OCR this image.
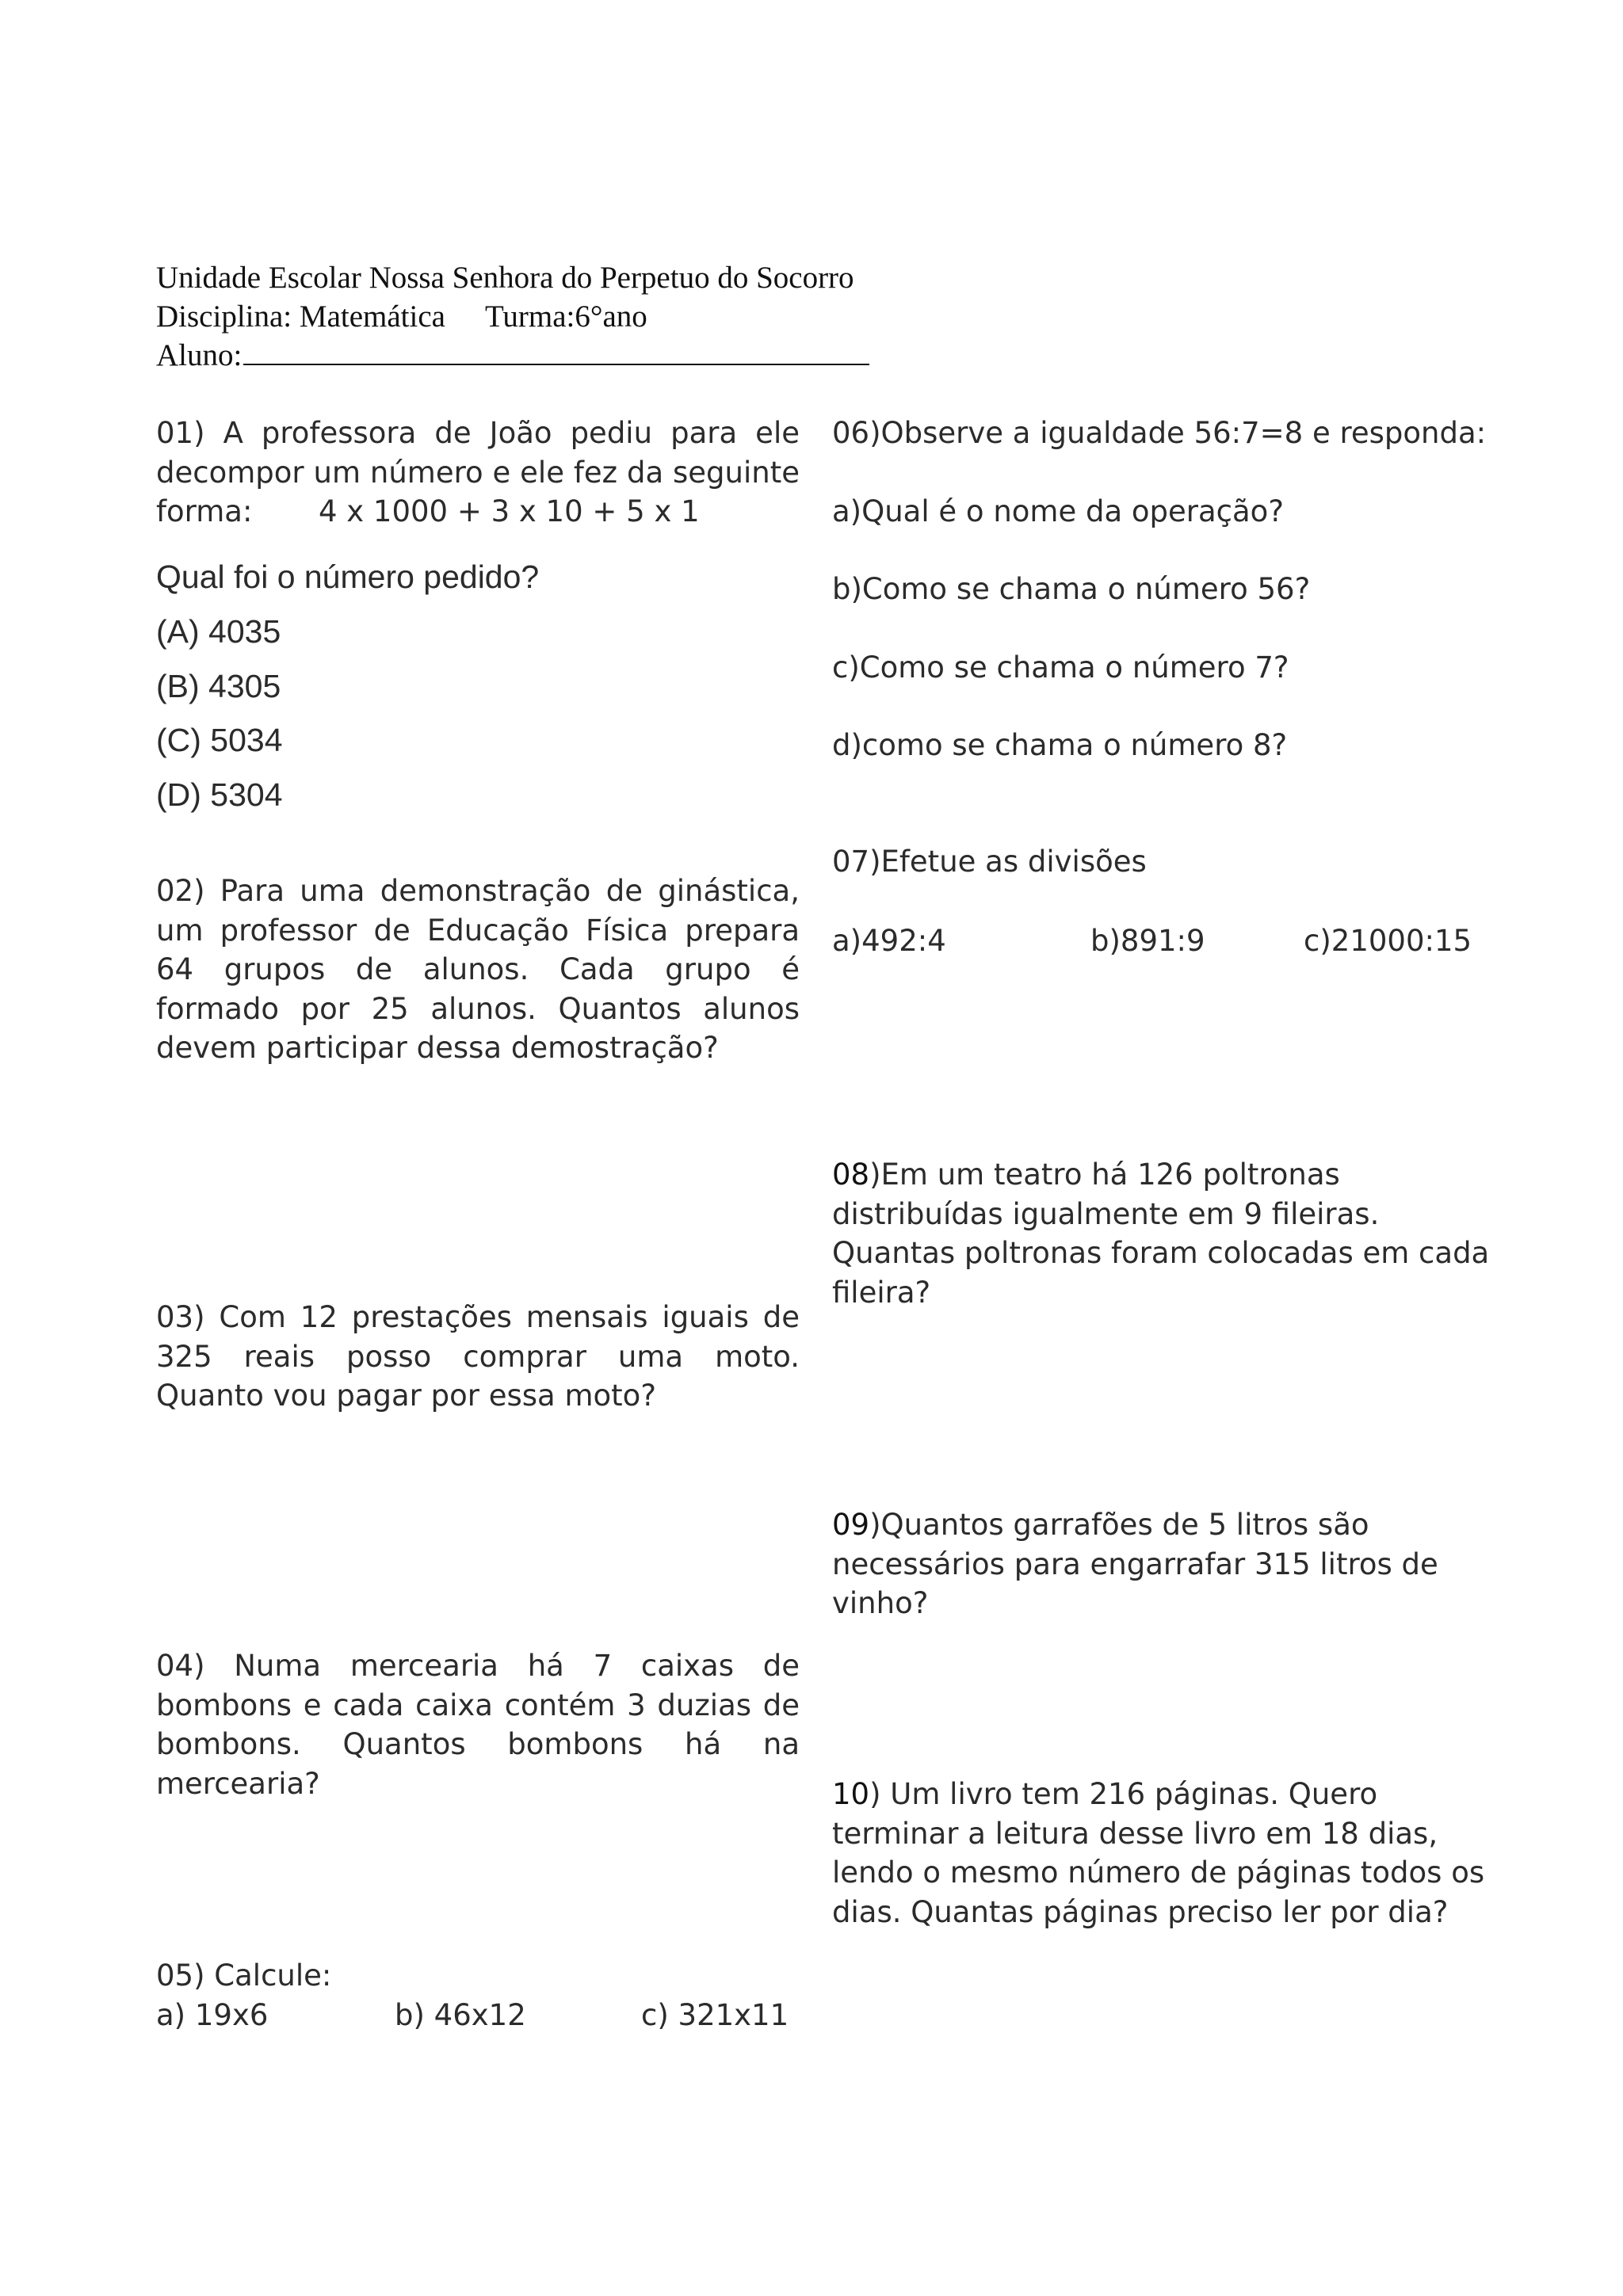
Unidade Escolar Nossa Senhora do Perpetuo do Socorro
Disciplina: Matemática Turma:6°ano
Aluno:
01) A professora de João pediu para ele decompor um número e ele fez da seguinte forma: 4 x 1000 + 3 x 10 + 5 x 1
Qual foi o número pedido?
(A) 4035
(B) 4305
(C) 5034
(D) 5304
02) Para uma demonstração de ginástica, um professor de Educação Física prepara 64 grupos de alunos. Cada grupo é formado por 25 alunos. Quantos alunos devem participar dessa demostração?
03) Com 12 prestações mensais iguais de 325 reais posso comprar uma moto. Quanto vou pagar por essa moto?
04) Numa mercearia há 7 caixas de bombons e cada caixa contém 3 duzias de bombons. Quantos bombons há na mercearia?
05) Calcule:
a) 19x6	b) 46x12	c) 321x11
06)Observe a igualdade 56:7=8 e responda:
a)Qual é o nome da operação?
b)Como se chama o número 56?
c)Como se chama o número 7?
d)como se chama o número 8?
07)Efetue as divisões
a)492:4	b)891:9	c)21000:15
08)Em um teatro há 126 poltronas distribuídas igualmente em 9 fileiras. Quantas poltronas foram colocadas em cada fileira?
09)Quantos garrafões de 5 litros são necessários para engarrafar 315 litros de vinho?
10) Um livro tem 216 páginas. Quero terminar a leitura desse livro em 18 dias, lendo o mesmo número de páginas todos os dias. Quantas páginas preciso ler por dia?
